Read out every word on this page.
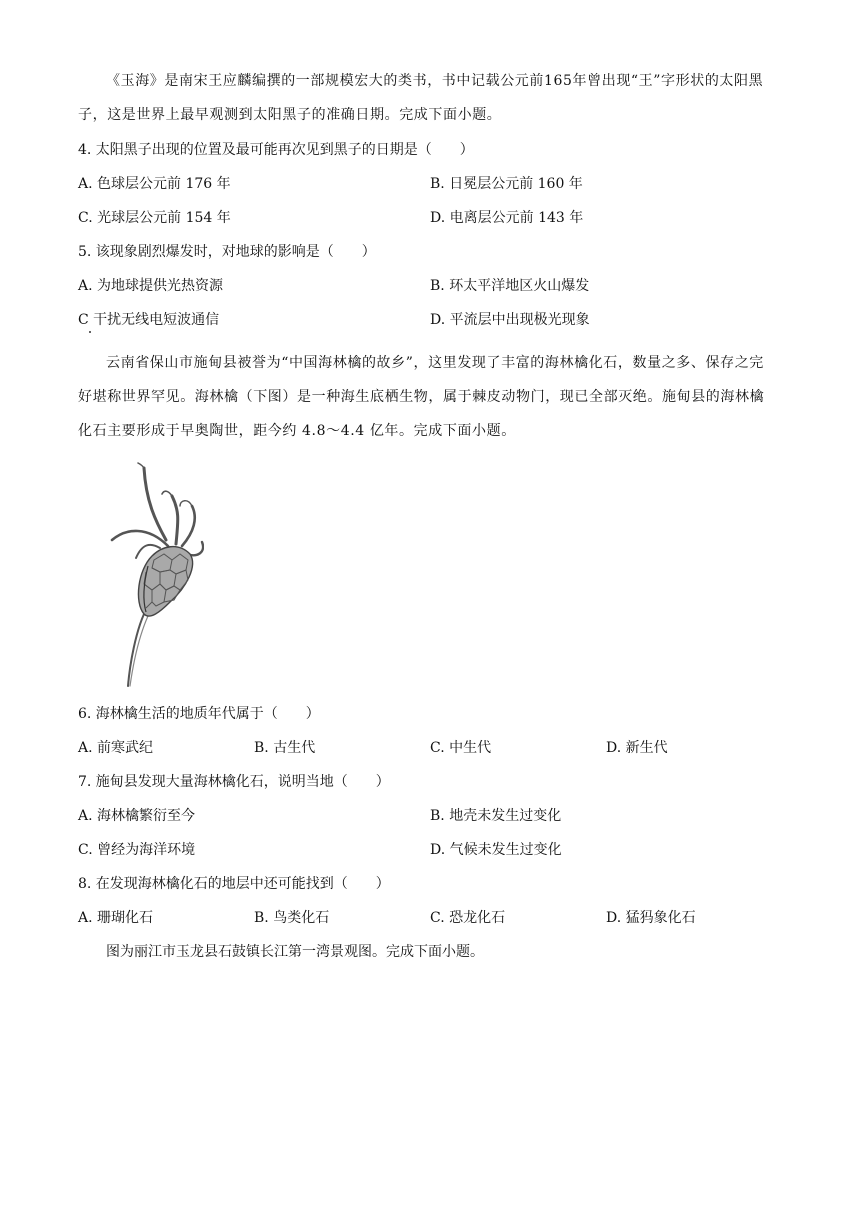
《玉海》是南宋王应麟编撰的一部规模宏大的类书，书中记载公元前165年曾出现“王”字形状的太阳黑子，这是世界上最早观测到太阳黑子的准确日期。完成下面小题。

4. 太阳黑子出现的位置及最可能再次见到黑子的日期是（　　）
A. 色球层公元前 176 年	B. 日冕层公元前 160 年
C. 光球层公元前 154 年	D. 电离层公元前 143 年
5. 该现象剧烈爆发时，对地球的影响是（　　）
A. 为地球提供光热资源	B. 环太平洋地区火山爆发
C 干扰无线电短波通信	D. 平流层中出现极光现象

云南省保山市施甸县被誉为“中国海林檎的故乡”，这里发现了丰富的海林檎化石，数量之多、保存之完好堪称世界罕见。海林檎（下图）是一种海生底栖生物，属于棘皮动物门，现已全部灭绝。施甸县的海林檎化石主要形成于早奥陶世，距今约 4.8～4.4 亿年。完成下面小题。

6. 海林檎生活的地质年代属于（　　）
A. 前寒武纪	B. 古生代	C. 中生代	D. 新生代
7. 施甸县发现大量海林檎化石，说明当地（　　）
A. 海林檎繁衍至今	B. 地壳未发生过变化
C. 曾经为海洋环境	D. 气候未发生过变化
8. 在发现海林檎化石的地层中还可能找到（　　）
A. 珊瑚化石	B. 鸟类化石	C. 恐龙化石	D. 猛犸象化石
图为丽江市玉龙县石鼓镇长江第一湾景观图。完成下面小题。
